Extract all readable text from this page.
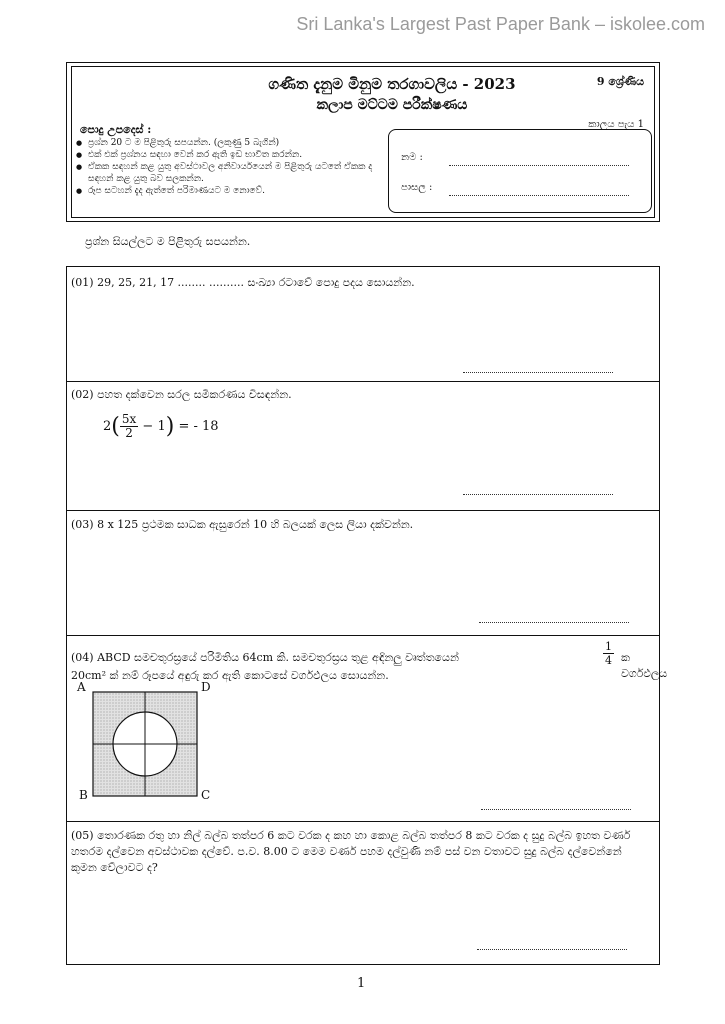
Sri Lanka's Largest Past Paper Bank – iskolee.com
ගණිත දැනුම මිනුම තරගාවලිය - 2023
කලාප මට්ටම පරීක්ෂණය
9 ශ්‍රේණිය
පොදු උපදෙස් :
● ප්‍රශ්න 20 ට ම පිළිතුරු සපයන්න. (ලකුණු 5 බැගින්)
● එක් එක් ප්‍රශ්නය සඳහා වෙන් කර ඇති ඉඩ භාවිත කරන්න.
● ඒකක සඳහන් කළ යුතු අවස්ථාවල අනිවාර්යයෙන් ම පිළිතුරු යටතේ ඒකක ද සඳහන් කළ යුතු බව සලකන්න.
● රූප සටහන් දැද ඇත්තේ පරිමාණයට ම නොවේ.
කාලය පැය 1
නම :
පාසල :
ප්‍රශ්න සියල්ලට ම පිළිතුරු සපයන්න.
(01) 29, 25, 21, 17 ........ .......... සංඛ්‍යා රටාවේ පොදු පදය සොයන්න.
(02) පහත දක්වෙන සරල සමීකරණය විසඳන්න.
$2( \frac{5x}{2} - 1)$ = - 18
(03) 8 x 125 ප්‍රථමක සාධක ඇසුරෙන් 10 හි බලයක් ලෙස ලියා දක්වන්න.
(04) ABCD සමචතුරස්‍රයේ පරිමිතිය 64cm කි. සමචතුරස්‍රය තුළ අඳිනලු වෘත්තයෙන්	$\frac{1}{4}$ ක වර්ගඵලය
20cm² ක් නම් රූපයේ අඳුරු කර ඇති කොටසේ වර්ගඵලය සොයන්න.
A	D
B	C
(05) තොරණක රතු හා නිල් බල්බ තත්පර 6 කට වරක ද කහ හා කොළ බල්බ තත්පර 8 කට වරක ද සුදු බල්බ ඉහත වර්ණ හතරම දල්වෙන අවස්ථාවක දල්වේ. ප.ව. 8.00 ට මෙම වර්ණ පහම දල්වුණි නම් පස් වන වතාවට සුදු බල්බ දල්වෙන්නේ කුමන වේලාවට ද?
1
